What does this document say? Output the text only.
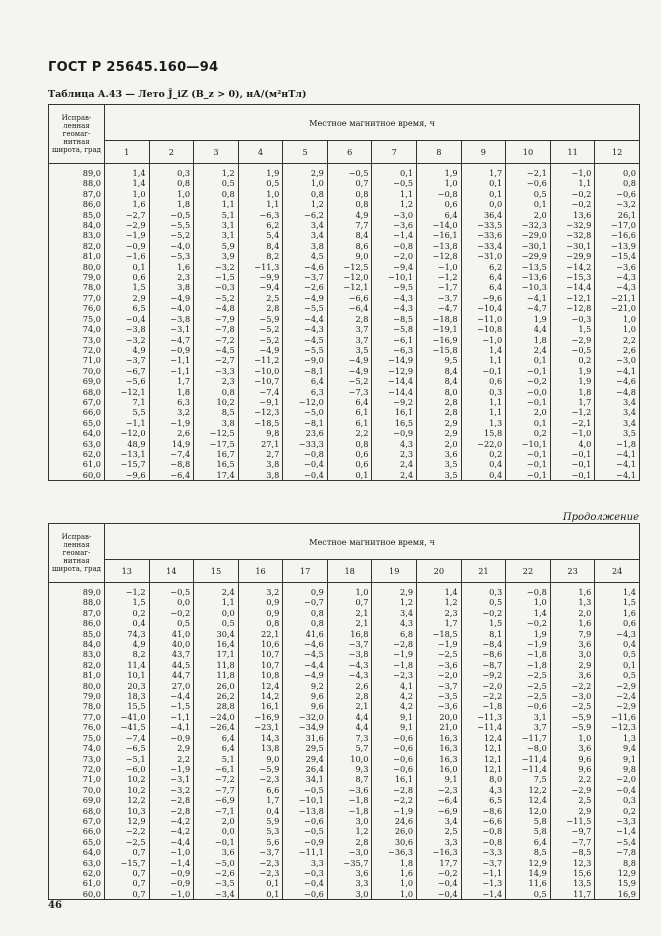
ГОСТ Р 25645.160—94
Таблица А.43 — Лето Ĵ_iZ (B_z > 0), нА/(м²нТл)
Исправ- ленная геомаг- нитная широта, град	Местное магнитное время, ч											
	1	2	3	4	5	6	7	8	9	10	11	12
89,0	1,4	0,3	1,2	1,9	2,9	−0,5	0,1	1,9	1,7	−2,1	−1,0	0,0
88,0	1,4	0,8	0,5	0,5	1,0	0,7	−0,5	1,0	0,1	−0,6	1,1	0,8
87,0	1,0	1,0	0,8	1,0	0,8	0,8	1,1	−0,8	0,1	0,5	−0,2	−0,6
86,0	1,6	1,8	1,1	1,1	1,2	0,8	1,2	0,6	0,0	0,1	−0,2	−3,2
85,0	−2,7	−0,5	5,1	−6,3	−6,2	4,9	−3,0	6,4	36,4	2,0	13,6	26,1
84,0	−2,9	−5,5	3,1	6,2	3,4	7,7	−3,6	−14,0	−33,5	−32,3	−32,9	−17,0
83,0	−1,9	−5,2	3,1	5,4	3,4	8,4	−1,4	−16,1	−33,6	−29,0	−32,8	−16,6
82,0	−0,9	−4,0	5,9	8,4	3,8	8,6	−0,8	−13,8	−33,4	−30,1	−30,1	−13,9
81,0	−1,6	−5,3	3,9	8,2	4,5	9,0	−2,0	−12,8	−31,0	−29,9	−29,9	−15,4
80,0	0,1	1,6	−3,2	−11,3	−4,6	−12,5	−9,4	−1,0	6,2	−13,5	−14,2	−3,6
79,0	0,6	2,3	−1,5	−9,9	−3,7	−12,0	−10,1	−1,2	6,4	−13,6	−15,3	−4,3
78,0	1,5	3,8	−0,3	−9,4	−2,6	−12,1	−9,5	−1,7	6,4	−10,3	−14,4	−4,3
77,0	2,9	−4,9	−5,2	2,5	−4,9	−6,6	−4,3	−3,7	−9,6	−4,1	−12,1	−21,1
76,0	6,5	−4,0	−4,8	2,8	−5,5	−6,4	−4,3	−4,7	−10,4	−4,7	−12,8	−21,0
75,0	−0,4	−3,8	−7,9	−5,9	−4,4	2,8	−8,5	−18,8	−11,0	1,9	−0,3	1,0
74,0	−3,8	−3,1	−7,8	−5,2	−4,3	3,7	−5,8	−19,1	−10,8	4,4	1,5	1,0
73,0	−3,2	−4,7	−7,2	−5,2	−4,5	3,7	−6,1	−16,9	−1,0	1,8	−2,9	2,2
72,0	4,9	−0,9	−4,5	−4,9	−5,5	3,5	−6,3	−15,8	1,4	2,4	−0,5	2,6
71,0	−3,7	−1,1	−2,7	−11,2	−9,0	−4,9	−14,9	9,5	1,1	0,1	0,2	−3,0
70,0	−6,7	−1,1	−3,3	−10,0	−8,1	−4,9	−12,9	8,4	−0,1	−0,1	1,9	−4,1
69,0	−5,6	1,7	2,3	−10,7	6,4	−5,2	−14,4	8,4	0,6	−0,2	1,9	−4,6
68,0	−12,1	1,8	0,8	−7,4	6,3	−7,3	−14,4	8,0	0,3	−0,0	1,8	−4,8
67,0	7,1	6,3	10,2	−9,1	−12,0	6,4	−9,2	2,8	1,1	−0,1	1,7	3,4
66,0	5,5	3,2	8,5	−12,3	−5,0	6,1	16,1	2,8	1,1	2,0	−1,2	3,4
65,0	−1,1	−1,9	3,8	−18,5	−8,1	6,1	16,5	2,9	1,3	0,1	−2,1	3,4
64,0	−12,0	2,6	−12,5	9,8	23,6	2,2	−0,9	2,9	15,8	0,2	−1,0	3,5
63,0	48,9	14,9	−17,5	27,1	−33,3	0,8	4,3	2,0	−22,0	−10,1	4,0	−1,8
62,0	−13,1	−7,4	16,7	2,7	−0,8	0,6	2,3	3,6	0,2	−0,1	−0,1	−4,1
61,0	−15,7	−8,8	16,5	3,8	−0,4	0,6	2,4	3,5	0,4	−0,1	−0,1	−4,1
60,0	−9,6	−6,4	17,4	3,8	−0,4	0,1	2,4	3,5	0,4	−0,1	−0,1	−4,1
Продолжение
Исправ- ленная геомаг- нитная широта, град	Местное магнитное время, ч											
	13	14	15	16	17	18	19	20	21	22	23	24
89,0	−1,2	−0,5	2,4	3,2	0,9	1,0	2,9	1,4	0,3	−0,8	1,6	1,4
88,0	1,5	0,0	1,1	0,9	−0,7	0,7	1,2	1,2	0,5	1,0	1,3	1,5
87,0	0,2	−0,2	0,0	0,9	0,8	2,1	3,4	2,3	−0,2	1,4	2,0	1,6
86,0	0,4	0,5	0,5	0,8	0,8	2,1	4,3	1,7	1,5	−0,2	1,6	0,6
85,0	74,3	41,0	30,4	22,1	41,6	16,8	6,8	−18,5	8,1	1,9	7,9	−4,3
84,0	4,9	40,0	16,4	10,6	−4,6	−3,7	−2,8	−1,9	−8,4	−1,9	3,6	0,4
83,0	8,2	43,7	17,1	10,7	−4,5	−3,8	−1,9	−2,5	−8,6	−1,8	3,0	0,5
82,0	11,4	44,5	11,8	10,7	−4,4	−4,3	−1,8	−3,6	−8,7	−1,8	2,9	0,1
81,0	10,1	44,7	11,8	10,8	−4,9	−4,3	−2,3	−2,0	−9,2	−2,5	3,6	0,5
80,0	20,3	27,0	26,0	12,4	9,2	2,6	4,1	−3,7	−2,0	−2,5	−2,2	−2,9
79,0	18,3	−4,4	26,2	14,2	9,6	2,8	4,2	−3,5	−2,2	−2,5	−3,0	−2,4
78,0	15,5	−1,5	28,8	16,1	9,6	2,1	4,2	−3,6	−1,8	−0,6	−2,5	−2,9
77,0	−41,0	−1,1	−24,0	−16,9	−32,0	4,4	9,1	20,0	−11,3	3,1	−5,9	−11,6
76,0	−41,5	−4,1	−26,4	−23,1	−34,9	4,4	9,1	21,0	−11,4	3,7	−5,9	−12,3
75,0	−7,4	−0,9	6,4	14,3	31,6	7,3	−0,6	16,3	12,4	−11,7	1,0	1,3
74,0	−6,5	2,9	6,4	13,8	29,5	5,7	−0,6	16,3	12,1	−8,0	3,6	9,4
73,0	−5,1	2,2	5,1	9,0	29,4	10,0	−0,6	16,3	12,1	−11,4	9,6	9,1
72,0	−6,0	−1,9	−6,1	−5,9	26,4	9,3	−0,6	16,0	12,1	−11,4	9,6	9,8
71,0	10,2	−3,1	−7,2	−2,3	34,1	8,7	16,1	9,1	8,0	7,5	2,2	−2,0
70,0	10,2	−3,2	−7,7	6,6	−0,5	−3,6	−2,8	−2,3	4,3	12,2	−2,9	−0,4
69,0	12,2	−2,8	−6,9	1,7	−10,1	−1,8	−2,2	−6,4	6,5	12,4	2,5	0,3
68,0	10,3	−2,8	−7,1	0,4	−13,8	−1,8	−1,9	−6,9	−8,6	12,0	2,9	0,2
67,0	12,9	−4,2	2,0	5,9	−0,6	3,0	24,6	3,4	−6,6	5,8	−11,5	−3,3
66,0	−2,2	−4,2	0,0	5,3	−0,5	1,2	26,0	2,5	−0,8	5,8	−9,7	−1,4
65,0	−2,5	−4,4	−0,1	5,6	−0,9	2,8	30,6	3,3	−0,8	6,4	−7,7	−5,4
64,0	0,7	−1,0	3,6	−3,7	−11,1	−3,0	−36,3	−16,3	−3,3	8,5	−8,5	−7,8
63,0	−15,7	−1,4	−5,0	−2,3	3,3	−35,7	1,8	17,7	−3,7	12,9	12,3	8,8
62,0	0,7	−0,9	−2,6	−2,3	−0,3	3,6	1,6	−0,2	−1,1	14,9	15,6	12,9
61,0	0,7	−0,9	−3,5	0,1	−0,4	3,3	1,0	−0,4	−1,3	11,6	13,5	15,9
60,0	0,7	−1,0	−3,4	0,1	−0,6	3,0	1,0	−0,4	−1,4	0,5	11,7	16,9
46
